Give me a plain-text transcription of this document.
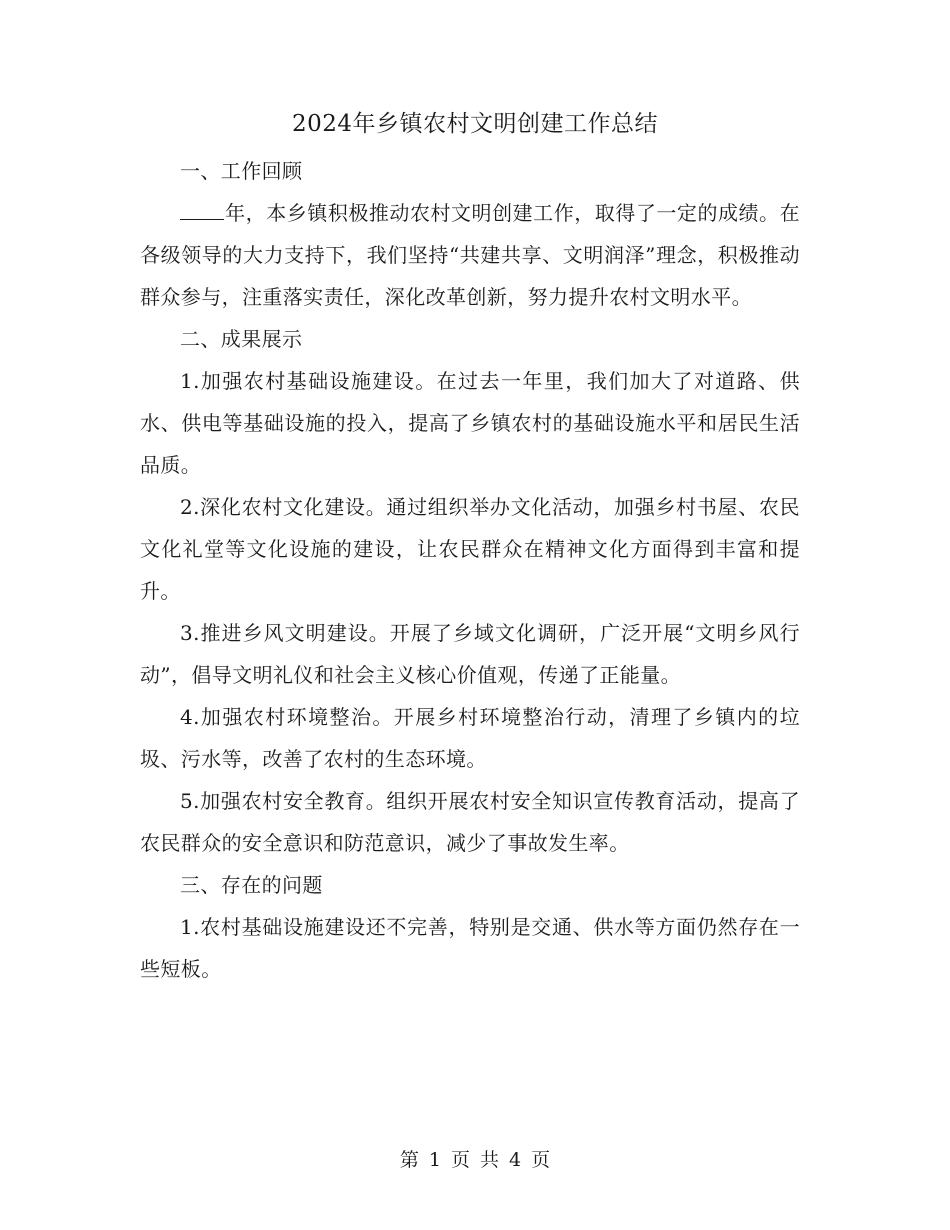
2024年乡镇农村文明创建工作总结

一、工作回顾

年，本乡镇积极推动农村文明创建工作，取得了一定的成绩。在各级领导的大力支持下，我们坚持“共建共享、文明润泽”理念，积极推动群众参与，注重落实责任，深化改革创新，努力提升农村文明水平。

二、成果展示

1.加强农村基础设施建设。在过去一年里，我们加大了对道路、供水、供电等基础设施的投入，提高了乡镇农村的基础设施水平和居民生活品质。

2.深化农村文化建设。通过组织举办文化活动，加强乡村书屋、农民文化礼堂等文化设施的建设，让农民群众在精神文化方面得到丰富和提升。

3.推进乡风文明建设。开展了乡域文化调研，广泛开展“文明乡风行动”，倡导文明礼仪和社会主义核心价值观，传递了正能量。

4.加强农村环境整治。开展乡村环境整治行动，清理了乡镇内的垃圾、污水等，改善了农村的生态环境。

5.加强农村安全教育。组织开展农村安全知识宣传教育活动，提高了农民群众的安全意识和防范意识，减少了事故发生率。

三、存在的问题

1.农村基础设施建设还不完善，特别是交通、供水等方面仍然存在一些短板。

第 1 页 共 4 页
